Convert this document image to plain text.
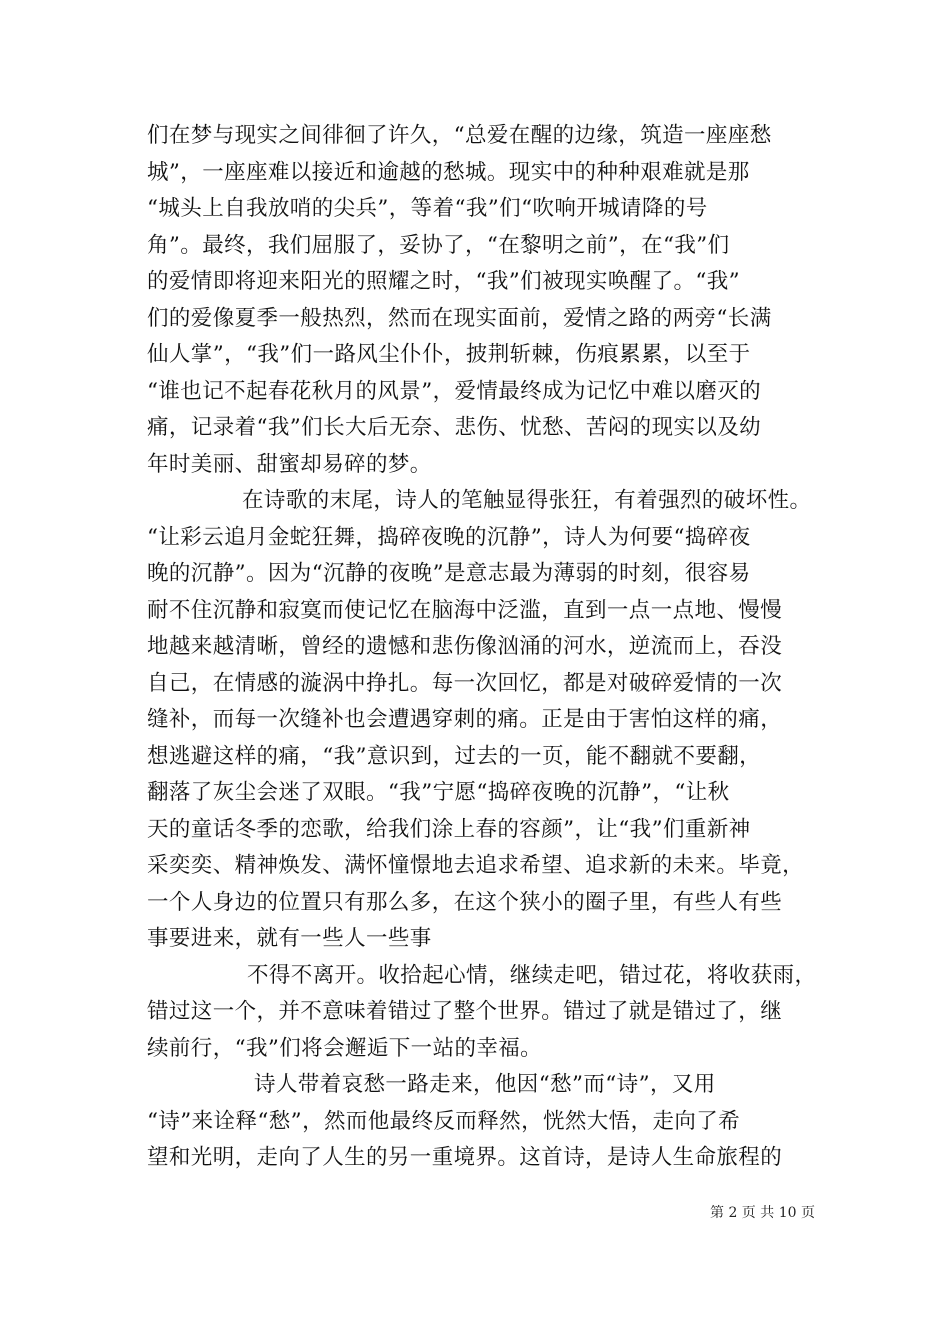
们在梦与现实之间徘徊了许久，“总爱在醒的边缘，筑造一座座愁
城”，一座座难以接近和逾越的愁城。现实中的种种艰难就是那
“城头上自我放哨的尖兵”，等着“我”们“吹响开城请降的号
角”。最终，我们屈服了，妥协了，“在黎明之前”，在“我”们
的爱情即将迎来阳光的照耀之时，“我”们被现实唤醒了。“我”
们的爱像夏季一般热烈，然而在现实面前，爱情之路的两旁“长满
仙人掌”，“我”们一路风尘仆仆，披荆斩棘，伤痕累累，以至于
“谁也记不起春花秋月的风景”，爱情最终成为记忆中难以磨灭的
痛，记录着“我”们长大后无奈、悲伤、忧愁、苦闷的现实以及幼
年时美丽、甜蜜却易碎的梦。

在诗歌的末尾，诗人的笔触显得张狂，有着强烈的破坏性。
“让彩云追月金蛇狂舞，捣碎夜晚的沉静”，诗人为何要“捣碎夜
晚的沉静”。因为“沉静的夜晚”是意志最为薄弱的时刻，很容易
耐不住沉静和寂寞而使记忆在脑海中泛滥，直到一点一点地、慢慢
地越来越清晰，曾经的遗憾和悲伤像汹涌的河水，逆流而上，吞没
自己，在情感的漩涡中挣扎。每一次回忆，都是对破碎爱情的一次
缝补，而每一次缝补也会遭遇穿刺的痛。正是由于害怕这样的痛，
想逃避这样的痛，“我”意识到，过去的一页，能不翻就不要翻，
翻落了灰尘会迷了双眼。“我”宁愿“捣碎夜晚的沉静”，“让秋
天的童话冬季的恋歌，给我们涂上春的容颜”，让“我”们重新神
采奕奕、精神焕发、满怀憧憬地去追求希望、追求新的未来。毕竟，
一个人身边的位置只有那么多，在这个狭小的圈子里，有些人有些
事要进来，就有一些人一些事

不得不离开。收拾起心情，继续走吧，错过花，将收获雨，
错过这一个，并不意味着错过了整个世界。错过了就是错过了，继
续前行，“我”们将会邂逅下一站的幸福。

诗人带着哀愁一路走来，他因“愁”而“诗”，又用
“诗”来诠释“愁”，然而他最终反而释然，恍然大悟，走向了希
望和光明，走向了人生的另一重境界。这首诗，是诗人生命旅程的

第 2 页 共 10 页
